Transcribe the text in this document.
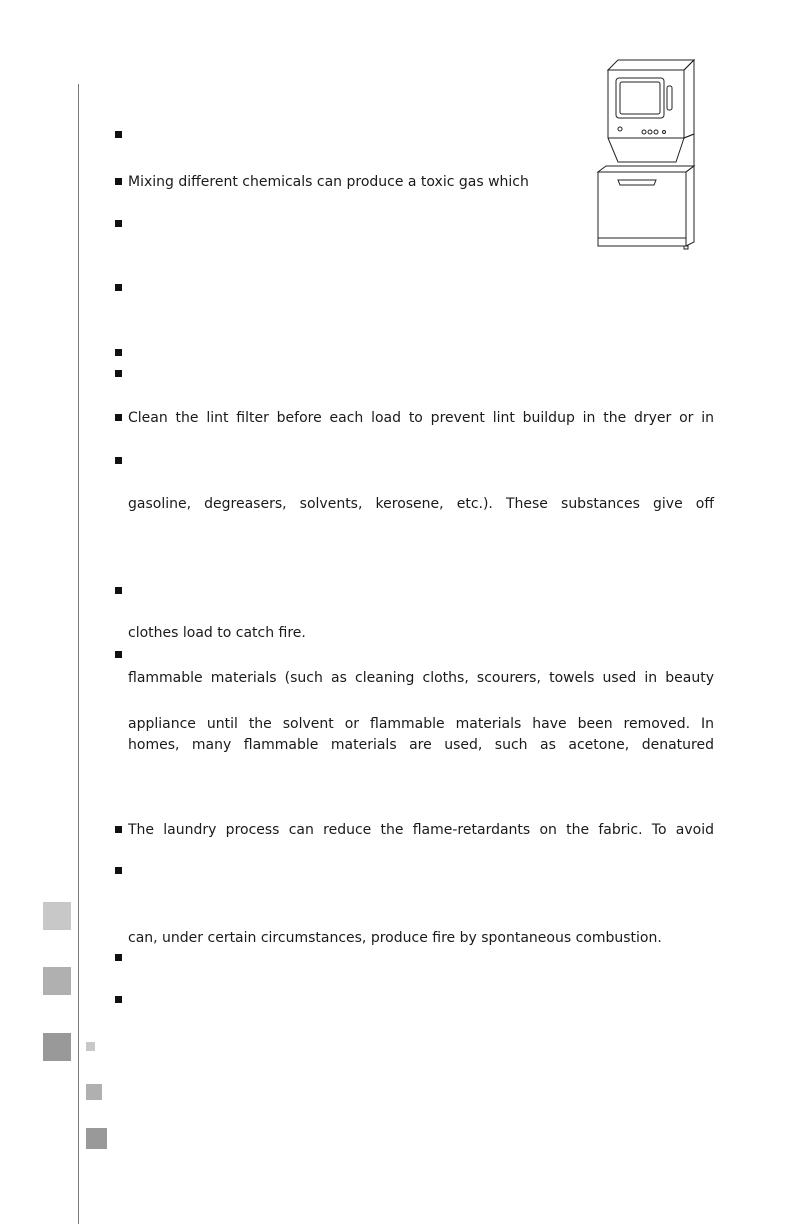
Mixing different chemicals can produce a toxic gas which
Clean the lint filter before each load to prevent lint buildup in the dryer or in
gasoline, degreasers, solvents, kerosene, etc.). These substances give off
clothes load to catch fire.
flammable materials (such as cleaning cloths, scourers, towels used in beauty
appliance until the solvent or flammable materials have been removed. In
homes, many flammable materials are used, such as acetone, denatured
The laundry process can reduce the flame-retardants on the fabric. To avoid
can, under certain circumstances, produce fire by spontaneous combustion.
